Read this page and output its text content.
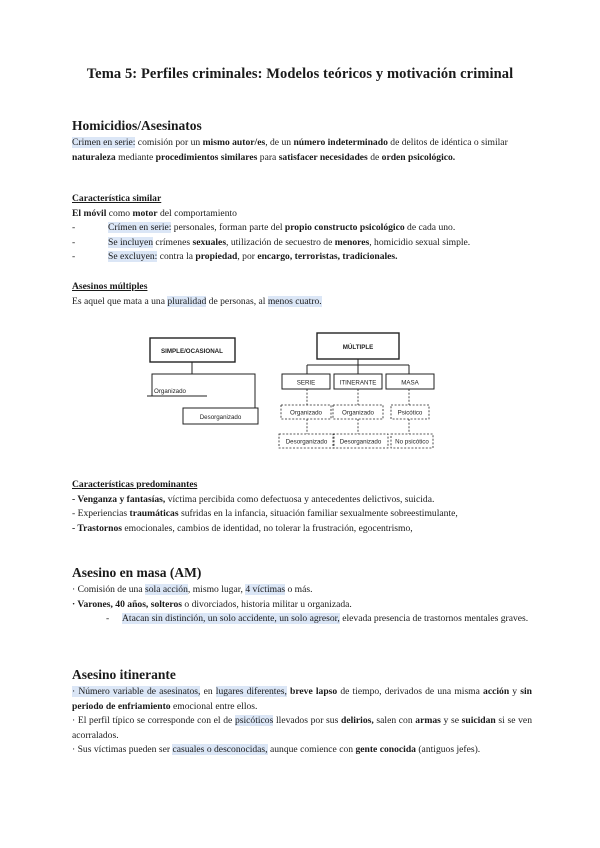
Tema 5: Perfiles criminales: Modelos teóricos y motivación criminal
Homicidios/Asesinatos
Crimen en serie: comisión por un mismo autor/es, de un número indeterminado de delitos de idéntica o similar naturaleza mediante procedimientos similares para satisfacer necesidades de orden psicológico.
Característica similar
El móvil como motor del comportamiento
-	Crímen en serie: personales, forman parte del propio constructo psicológico de cada uno.
-	Se incluyen crímenes sexuales, utilización de secuestro de menores, homicidio sexual simple.
-	Se excluyen: contra la propiedad, por encargo, terroristas, tradicionales.
Asesinos múltiples
Es aquel que mata a una pluralidad de personas, al menos cuatro.
SIMPLE/OCASIONAL
Organizado
Desorganizado
MÚLTIPLE
SERIE	ITINERANTE	MASA
Organizado	Organizado	Psicótico
Desorganizado Desorganizado No psicótico
Características predominantes
- Venganza y fantasías, víctima percibida como defectuosa y antecedentes delictivos, suicida.
- Experiencias traumáticas sufridas en la infancia, situación familiar sexualmente sobreestimulante,
- Trastornos emocionales, cambios de identidad, no tolerar la frustración, egocentrismo,
Asesino en masa (AM)
· Comisión de una sola acción, mismo lugar, 4 víctimas o más.
· Varones, 40 años, solteros o divorciados, historia militar u organizada.
- Atacan sin distinción, un solo accidente, un solo agresor, elevada presencia de trastornos mentales graves.
Asesino itinerante
· Número variable de asesinatos, en lugares diferentes, breve lapso de tiempo, derivados de una misma acción y sin periodo de enfriamiento emocional entre ellos.
· El perfil típico se corresponde con el de psicóticos llevados por sus delirios, salen con armas y se suicidan si se ven acorralados.
· Sus víctimas pueden ser casuales o desconocidas, aunque comience con gente conocida (antiguos jefes).
